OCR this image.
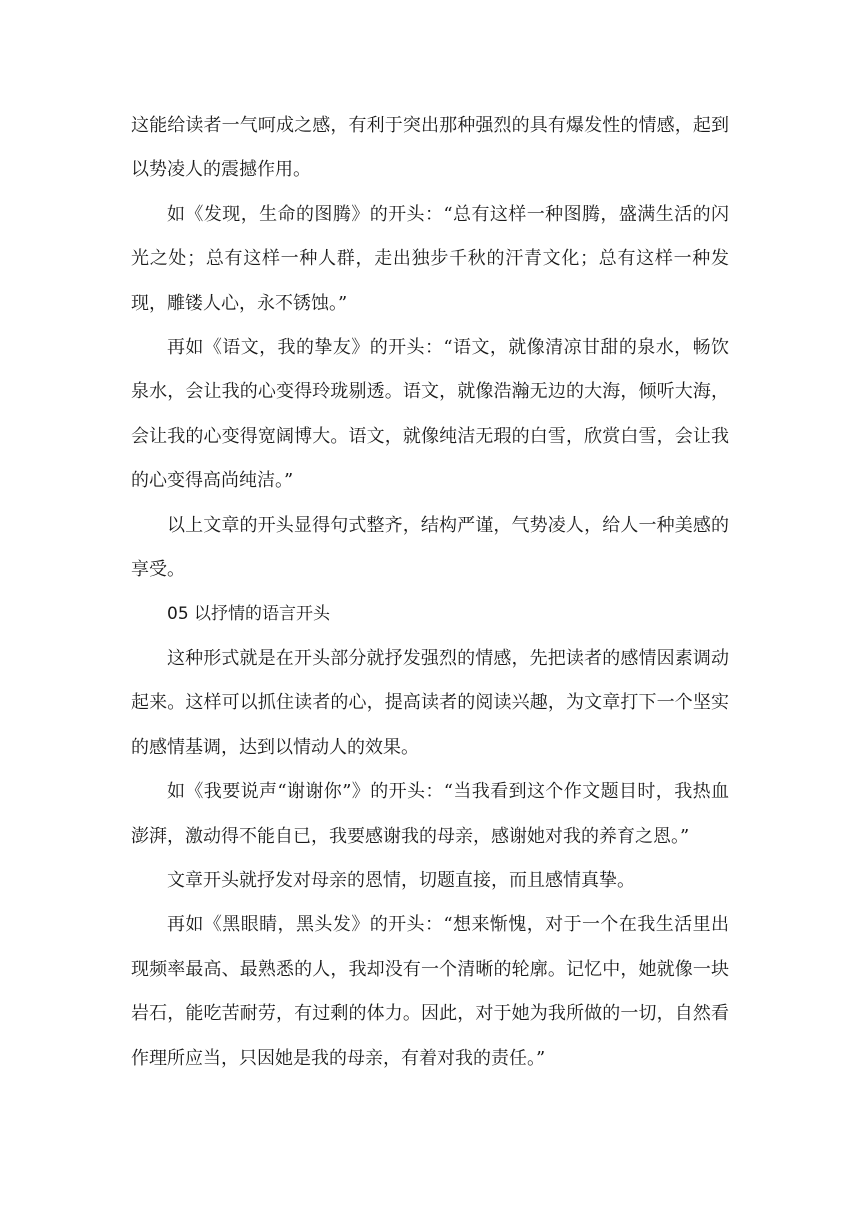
这能给读者一气呵成之感，有利于突出那种强烈的具有爆发性的情感，起到以势凌人的震撼作用。

如《发现，生命的图腾》的开头：“总有这样一种图腾，盛满生活的闪光之处；总有这样一种人群，走出独步千秋的汗青文化；总有这样一种发现，雕镂人心，永不锈蚀。”

再如《语文，我的挚友》的开头：“语文，就像清凉甘甜的泉水，畅饮泉水，会让我的心变得玲珑剔透。语文，就像浩瀚无边的大海，倾听大海，会让我的心变得宽阔博大。语文，就像纯洁无瑕的白雪，欣赏白雪，会让我的心变得高尚纯洁。”

以上文章的开头显得句式整齐，结构严谨，气势凌人，给人一种美感的享受。

05 以抒情的语言开头

这种形式就是在开头部分就抒发强烈的情感，先把读者的感情因素调动起来。这样可以抓住读者的心，提高读者的阅读兴趣，为文章打下一个坚实的感情基调，达到以情动人的效果。

如《我要说声“谢谢你”》的开头：“当我看到这个作文题目时，我热血澎湃，激动得不能自已，我要感谢我的母亲，感谢她对我的养育之恩。”

文章开头就抒发对母亲的恩情，切题直接，而且感情真挚。

再如《黑眼睛，黑头发》的开头：“想来惭愧，对于一个在我生活里出现频率最高、最熟悉的人，我却没有一个清晰的轮廓。记忆中，她就像一块岩石，能吃苦耐劳，有过剩的体力。因此，对于她为我所做的一切，自然看作理所应当，只因她是我的母亲，有着对我的责任。”
